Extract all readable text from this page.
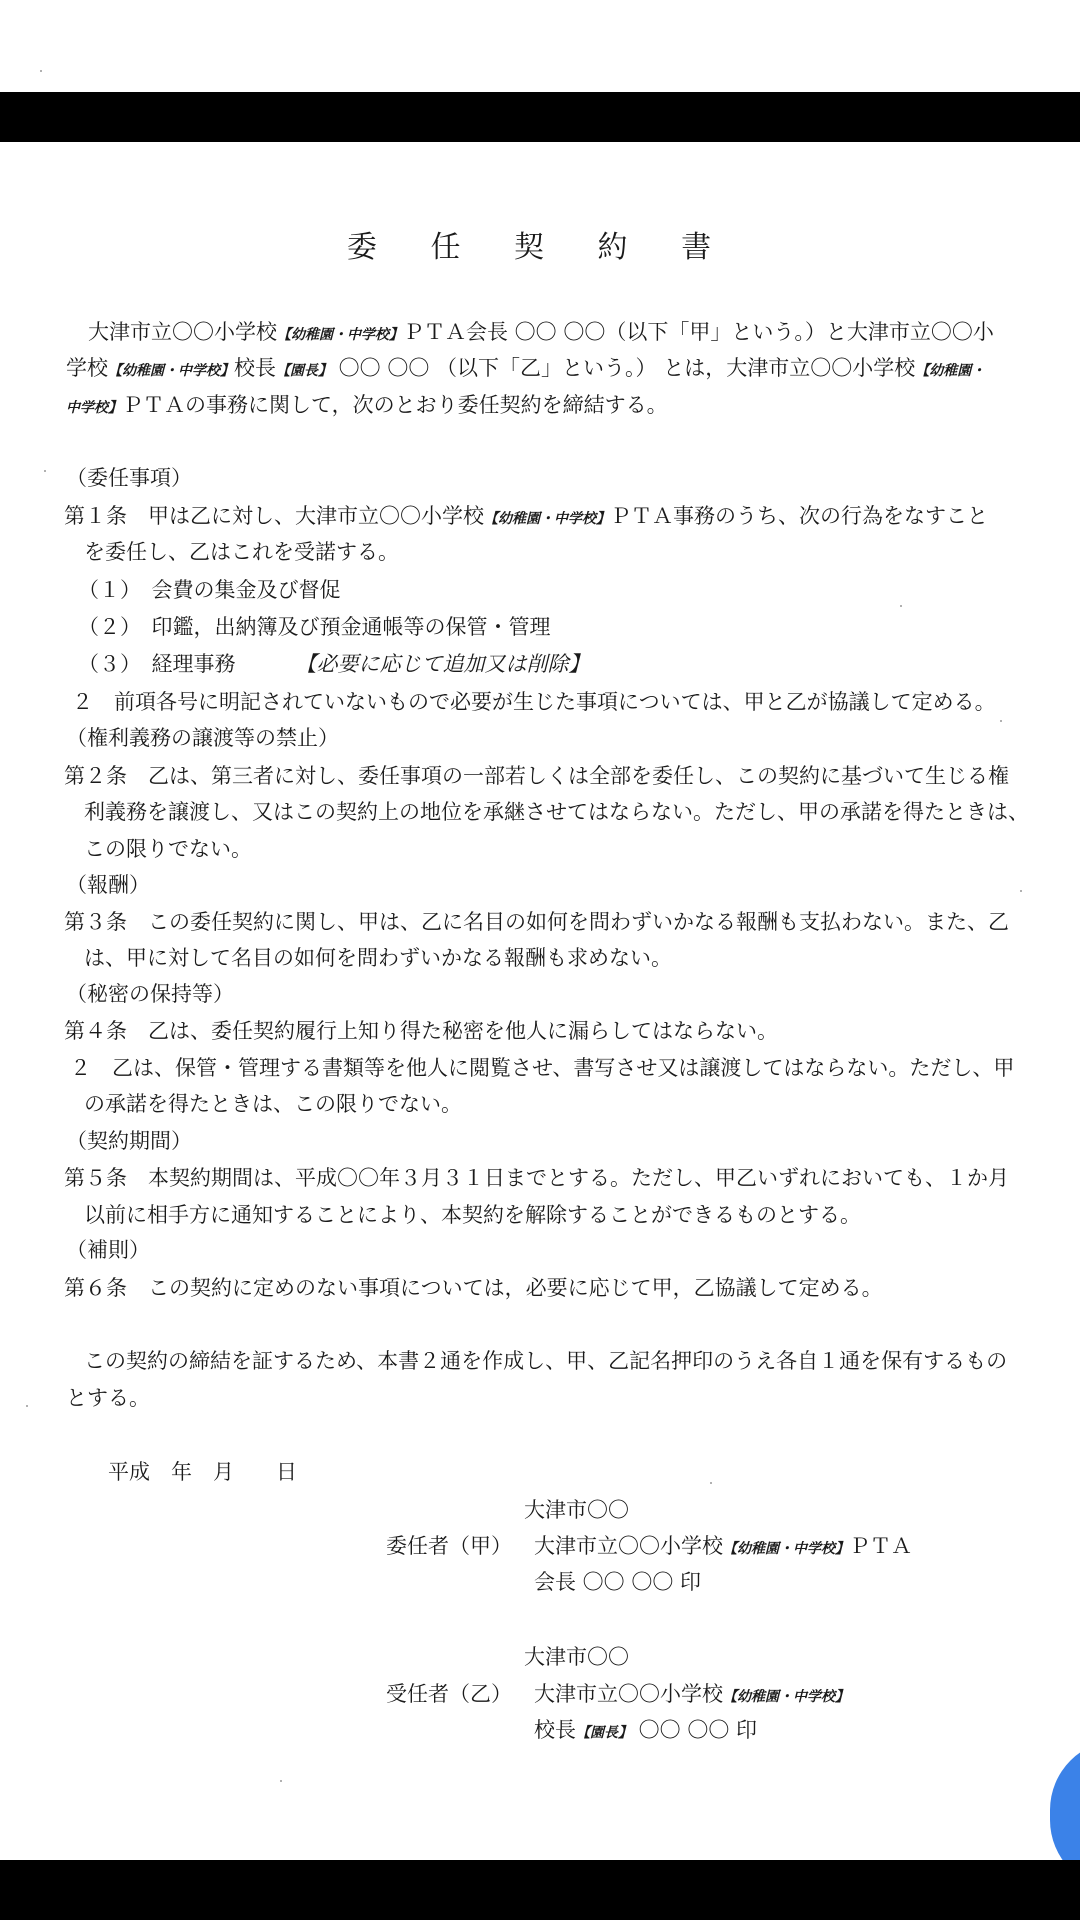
委 任 契 約 書
大津市立〇〇小学校【幼稚園・中学校】ＰＴＡ会長 〇〇 〇〇（以下「甲」という。）と大津市立〇〇小
学校【幼稚園・中学校】校長【園長】 〇〇 〇〇 （以下「乙」という。） とは，大津市立〇〇小学校【幼稚園・
中学校】ＰＴＡの事務に関して，次のとおり委任契約を締結する。
（委任事項）
第１条　甲は乙に対し、大津市立〇〇小学校【幼稚園・中学校】ＰＴＡ事務のうち、次の行為をなすこと
を委任し、乙はこれを受諾する。
（１）　会費の集金及び督促
（２）　印鑑，出納簿及び預金通帳等の保管・管理
（３）　経理事務	【必要に応じて追加又は削除】
２　前項各号に明記されていないもので必要が生じた事項については、甲と乙が協議して定める。
（権利義務の譲渡等の禁止）
第２条　乙は、第三者に対し、委任事項の一部若しくは全部を委任し、この契約に基づいて生じる権
利義務を譲渡し、又はこの契約上の地位を承継させてはならない。ただし、甲の承諾を得たときは、
この限りでない。
（報酬）
第３条　この委任契約に関し、甲は、乙に名目の如何を問わずいかなる報酬も支払わない。また、乙
は、甲に対して名目の如何を問わずいかなる報酬も求めない。
（秘密の保持等）
第４条　乙は、委任契約履行上知り得た秘密を他人に漏らしてはならない。
２　乙は、保管・管理する書類等を他人に閲覧させ、書写させ又は譲渡してはならない。ただし、甲
の承諾を得たときは、この限りでない。
（契約期間）
第５条　本契約期間は、平成〇〇年３月３１日までとする。ただし、甲乙いずれにおいても、１か月
以前に相手方に通知することにより、本契約を解除することができるものとする。
（補則）
第６条　この契約に定めのない事項については，必要に応じて甲，乙協議して定める。
この契約の締結を証するため、本書２通を作成し、甲、乙記名押印のうえ各自１通を保有するもの
とする。
平成　年　月　　日
大津市〇〇
委任者（甲） 大津市立〇〇小学校【幼稚園・中学校】ＰＴＡ
会長 〇〇 〇〇 印
大津市〇〇
受任者（乙） 大津市立〇〇小学校【幼稚園・中学校】
校長【園長】 〇〇 〇〇 印
